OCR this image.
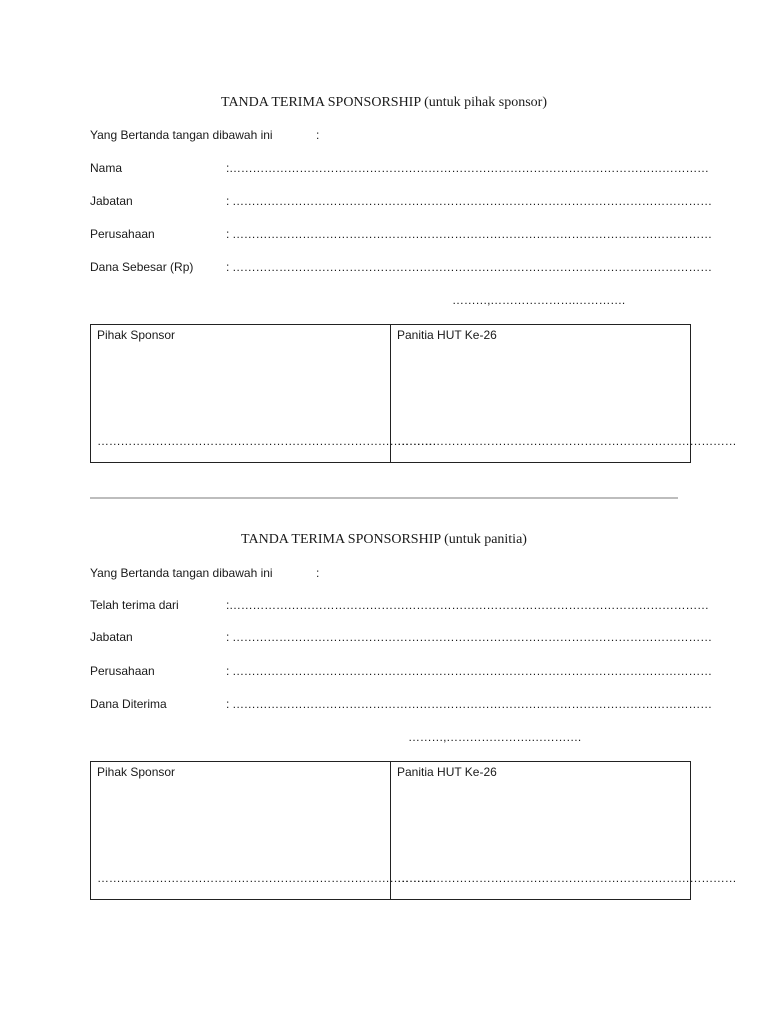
TANDA TERIMA SPONSORSHIP (untuk pihak sponsor)
Yang Bertanda tangan dibawah ini	:
Nama	:……………………………………………………………………………………………………………
Jabatan	: ……………………………………………………………………………………………………………
Perusahaan	: ……………………………………………………………………………………………………………
Dana Sebesar (Rp)	: ……………………………………………………………………………………………………………
………,………………….………….
Pihak Sponsor
……………………………………………………………………………
Panitia HUT Ke-26
……………………………………………………………………………
TANDA TERIMA SPONSORSHIP (untuk panitia)
Yang Bertanda tangan dibawah ini	:
Telah terima dari	:……………………………………………………………………………………………………………
Jabatan	: ……………………………………………………………………………………………………………
Perusahaan	: ……………………………………………………………………………………………………………
Dana Diterima	: ……………………………………………………………………………………………………………
………,………………….………….
Pihak Sponsor
……………………………………………………………………………
Panitia HUT Ke-26
……………………………………………………………………………
